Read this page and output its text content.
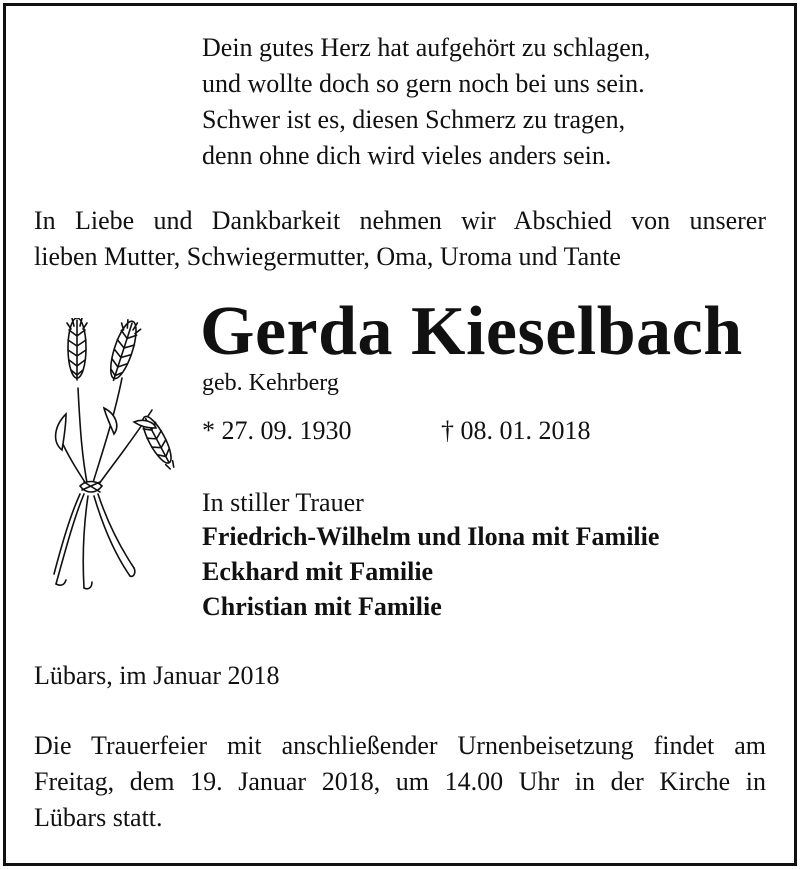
Dein gutes Herz hat aufgehört zu schlagen,
und wollte doch so gern noch bei uns sein.
Schwer ist es, diesen Schmerz zu tragen,
denn ohne dich wird vieles anders sein.
In Liebe und Dankbarkeit nehmen wir Abschied von unserer
lieben Mutter, Schwiegermutter, Oma, Uroma und Tante
Gerda Kieselbach
geb. Kehrberg
* 27. 09. 1930	† 08. 01. 2018
In stiller Trauer
Friedrich-Wilhelm und Ilona mit Familie
Eckhard mit Familie
Christian mit Familie
Lübars, im Januar 2018
Die Trauerfeier mit anschließender Urnenbeisetzung findet am
Freitag, dem 19. Januar 2018, um 14.00 Uhr in der Kirche in
Lübars statt.
